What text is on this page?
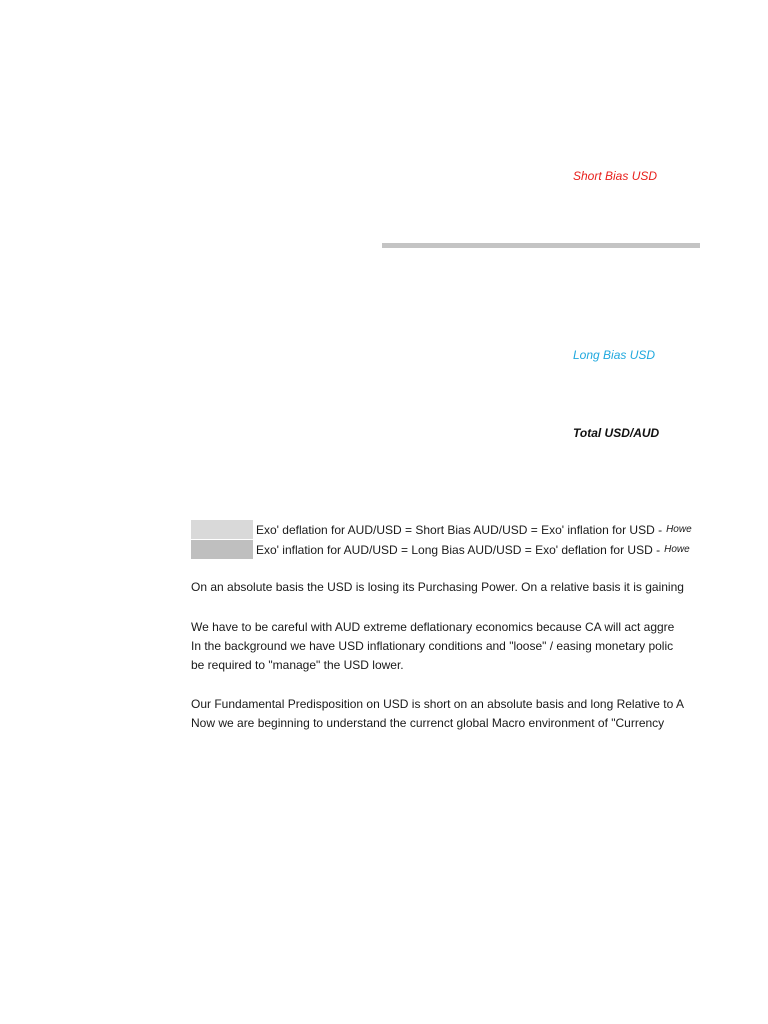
Short Bias USD
Long Bias USD
Total USD/AUD
Exo' deflation for AUD/USD = Short Bias AUD/USD = Exo' inflation for USD - Howe
Exo' inflation for AUD/USD = Long Bias AUD/USD = Exo' deflation for USD - Howe
On an absolute basis the USD is losing its Purchasing Power. On a relative basis it is gaining
We have to be careful with AUD extreme deflationary economics because CA will act aggre
In the background we have USD inflationary conditions and "loose" / easing monetary polic
be required to "manage" the USD lower.
Our Fundamental Predisposition on USD is short on an absolute basis and long Relative to A
Now we are beginning to understand the currenct global Macro environment of "Currency
